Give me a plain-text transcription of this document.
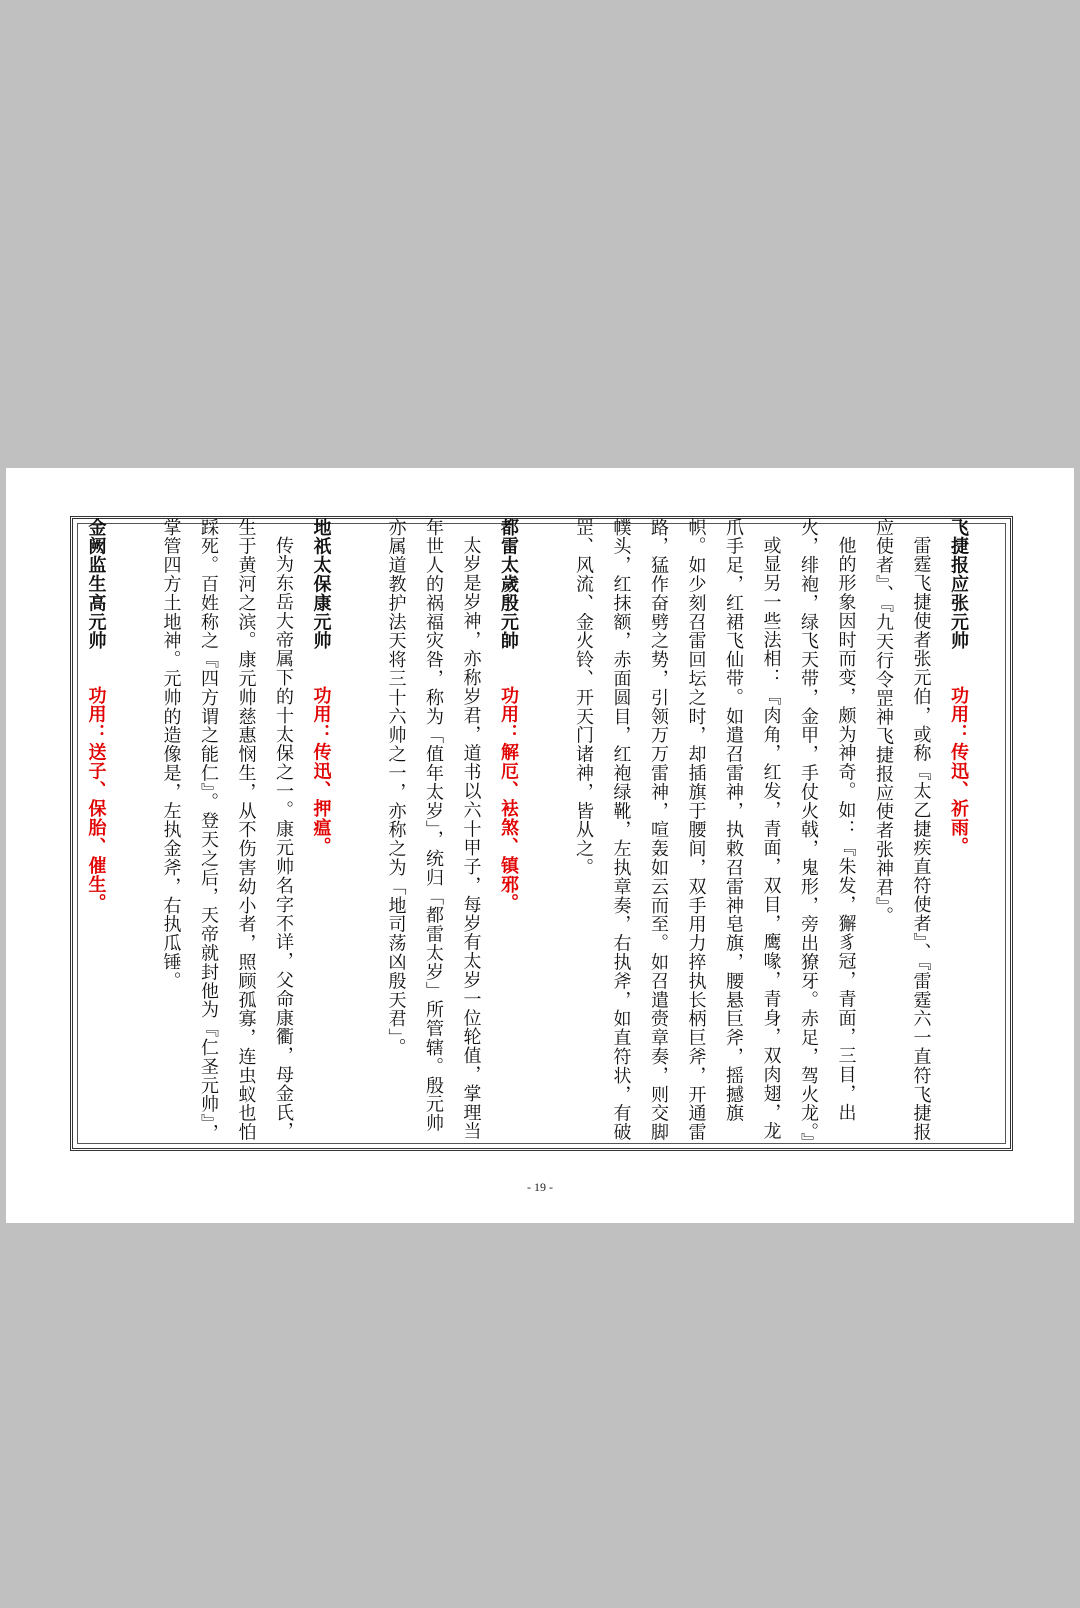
飞捷报应张元帅功用：传迅、祈雨。

雷霆飞捷使者张元伯，或称『太乙捷疾直符使者』、『雷霆六一直符飞捷报应使者』、『九天行令罡神飞捷报应使者张神君』。

他的形象因时而变，颇为神奇。如：『朱发，獬豸冠，青面，三目，出火，绯袍，绿飞天带，金甲，手仗火戟，鬼形，旁出獠牙。赤足，驾火龙。』

或显另一些法相：『肉角，红发，青面，双目，鹰喙，青身，双肉翅，龙爪手足，红裙飞仙带。如遣召雷神，执敕召雷神皂旗，腰悬巨斧，摇撼旗帜。如少刻召雷回坛之时，却插旗于腰间，双手用力捽执长柄巨斧，开通雷路，猛作奋劈之势，引领万万雷神，喧轰如云而至。如召遣赍章奏，则交脚幞头，红抹额，赤面圆目，红袍绿靴，左执章奏，右执斧，如直符状，有破罡、风流、金火铃、开天门诸神，皆从之。

都雷太歲殷元帥功用：解厄、袪煞、镇邪。

太岁是岁神，亦称岁君，道书以六十甲子，每岁有太岁一位轮值，掌理当年世人的祸福灾咎，称为「值年太岁」，统归「都雷太岁」所管辖。殷元帅亦属道教护法天将三十六帅之一，亦称之为「地司荡凶殷天君」。

地祇太保康元帅功用：传迅、押瘟。

传为东岳大帝属下的十太保之一。康元帅名字不详，父命康衢，母金氏，生于黄河之滨。康元帅慈惠悯生，从不伤害幼小者，照顾孤寡，连虫蚁也怕踩死。百姓称之『四方谓之能仁』。登天之后，天帝就封他为『仁圣元帅』，掌管四方土地神。元帅的造像是，左执金斧，右执瓜锤。

金阙监生高元帅功用：送子、保胎、催生。

- 19 -
